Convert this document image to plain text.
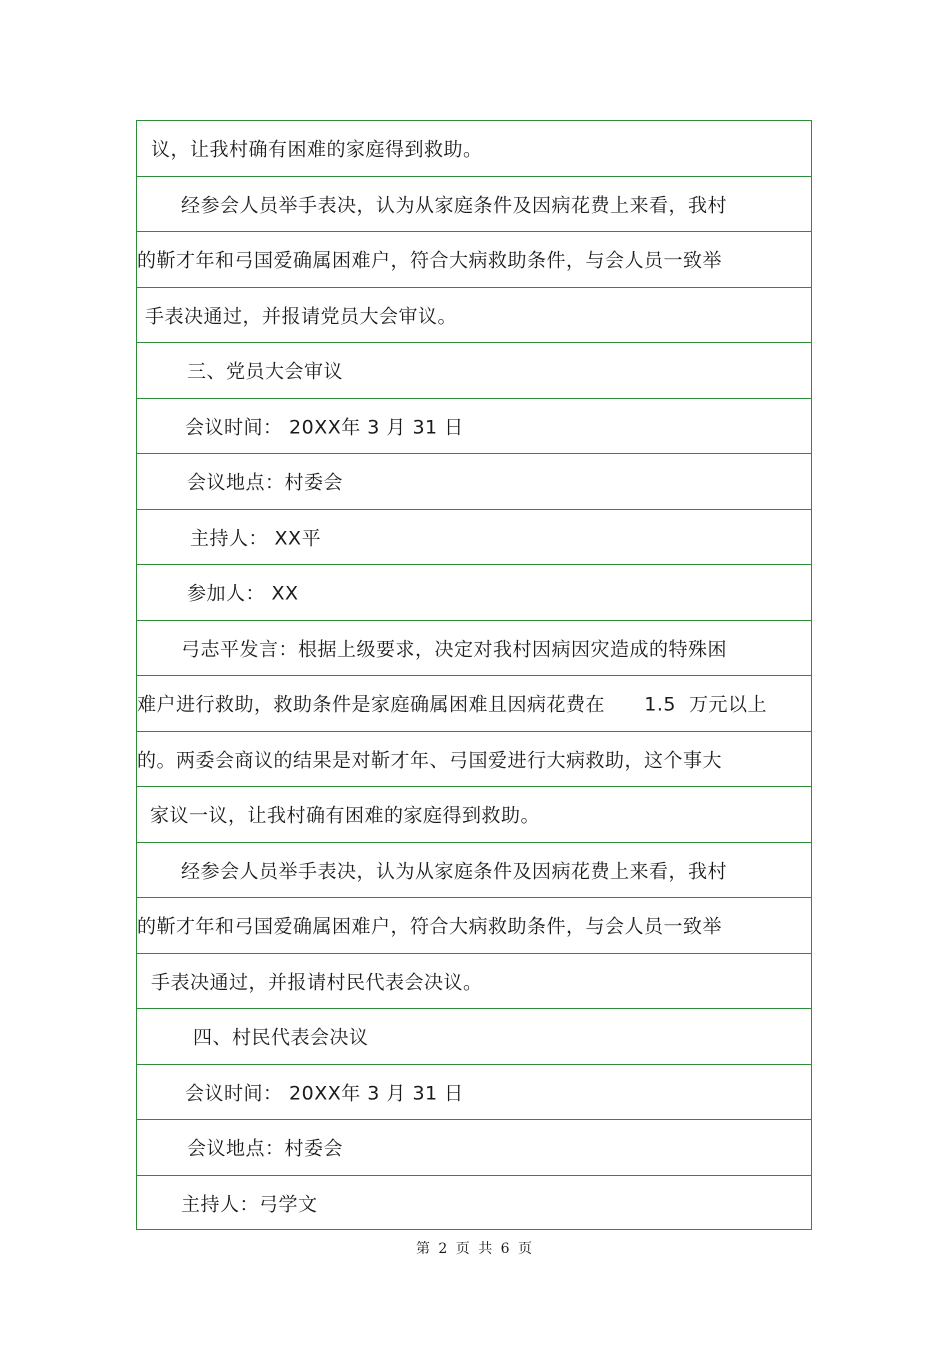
议，让我村确有困难的家庭得到救助。
经参会人员举手表决，认为从家庭条件及因病花费上来看，我村
的靳才年和弓国爱确属困难户，符合大病救助条件，与会人员一致举
手表决通过，并报请党员大会审议。
三、党员大会审议
会议时间： 20XX年 3 月 31 日
会议地点：村委会
主持人： XX平
参加人： XX
弓志平发言：根据上级要求，决定对我村因病因灾造成的特殊困
难户进行救助，救助条件是家庭确属困难且因病花费在      1.5  万元以上
的。两委会商议的结果是对靳才年、弓国爱进行大病救助，这个事大
家议一议，让我村确有困难的家庭得到救助。
经参会人员举手表决，认为从家庭条件及因病花费上来看，我村
的靳才年和弓国爱确属困难户，符合大病救助条件，与会人员一致举
手表决通过，并报请村民代表会决议。
四、村民代表会决议
会议时间： 20XX年 3 月 31 日
会议地点：村委会
主持人：弓学文
第 2 页 共 6 页
